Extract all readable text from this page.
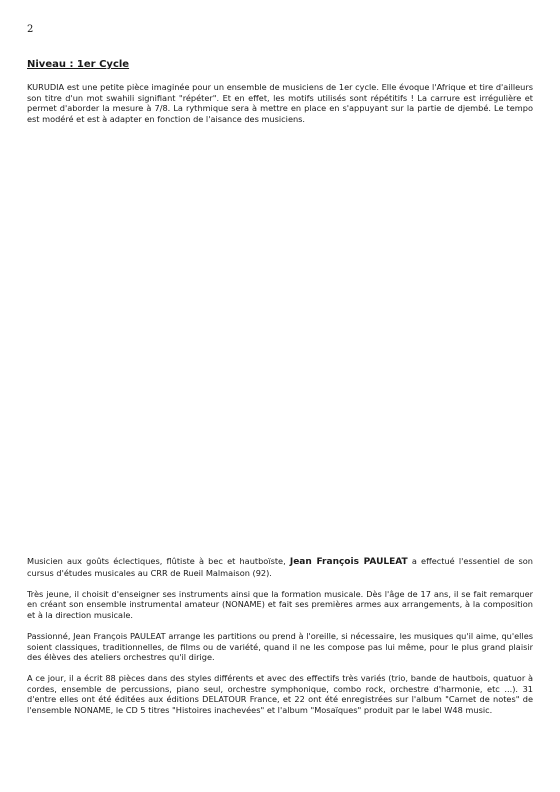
2
Niveau : 1er Cycle

KURUDIA est une petite pièce imaginée pour un ensemble de musiciens de 1er cycle. Elle évoque l'Afrique et tire d'ailleurs son titre d'un mot swahili signifiant "répéter". Et en effet, les motifs utilisés sont répétitifs ! La carrure est irrégulière et permet d'aborder la mesure à 7/8. La rythmique sera à mettre en place en s'appuyant sur la partie de djembé. Le tempo est modéré et est à adapter en fonction de l'aisance des musiciens.

Musicien aux goûts éclectiques, flûtiste à bec et hautboïste, Jean François PAULEAT a effectué l'essentiel de son cursus d'études musicales au CRR de Rueil Malmaison (92).

Très jeune, il choisit d'enseigner ses instruments ainsi que la formation musicale. Dès l'âge de 17 ans, il se fait remarquer en créant son ensemble instrumental amateur (NONAME) et fait ses premières armes aux arrangements, à la composition et à la direction musicale.

Passionné, Jean François PAULEAT arrange les partitions ou prend à l'oreille, si nécessaire, les musiques qu'il aime, qu'elles soient classiques, traditionnelles, de films ou de variété, quand il ne les compose pas lui même, pour le plus grand plaisir des élèves des ateliers orchestres qu'il dirige.

A ce jour, il a écrit 88 pièces dans des styles différents et avec des effectifs très variés (trio, bande de hautbois, quatuor à cordes, ensemble de percussions, piano seul, orchestre symphonique, combo rock, orchestre d'harmonie, etc ...). 31 d'entre elles ont été éditées aux éditions DELATOUR France, et 22 ont été enregistrées sur l'album "Carnet de notes" de l'ensemble NONAME, le CD 5 titres "Histoires inachevées" et l'album "Mosaïques" produit par le label W48 music.
